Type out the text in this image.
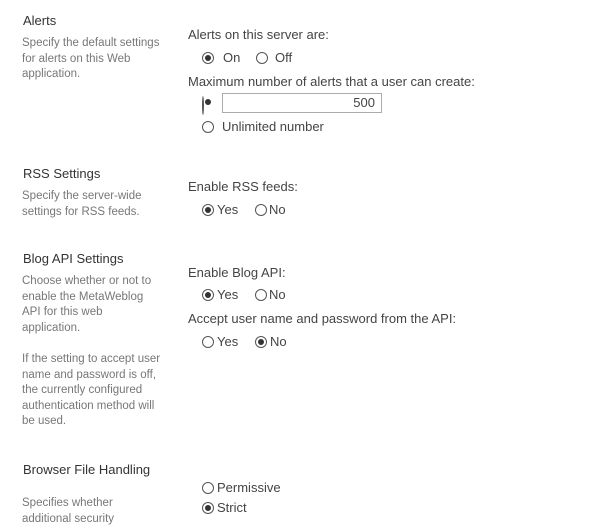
Alerts
Specify the default settings for alerts on this Web application.
Alerts on this server are:
On	Off
Maximum number of alerts that a user can create:
500
Unlimited number
RSS Settings
Specify the server-wide settings for RSS feeds.
Enable RSS feeds:
Yes No
Blog API Settings
Choose whether or not to enable the MetaWeblog API for this web application.
If the setting to accept user name and password is off, the currently configured authentication method will be used.
Enable Blog API:
Yes No
Accept user name and password from the API:
Yes No
Browser File Handling
Specifies whether additional security
Permissive
Strict
